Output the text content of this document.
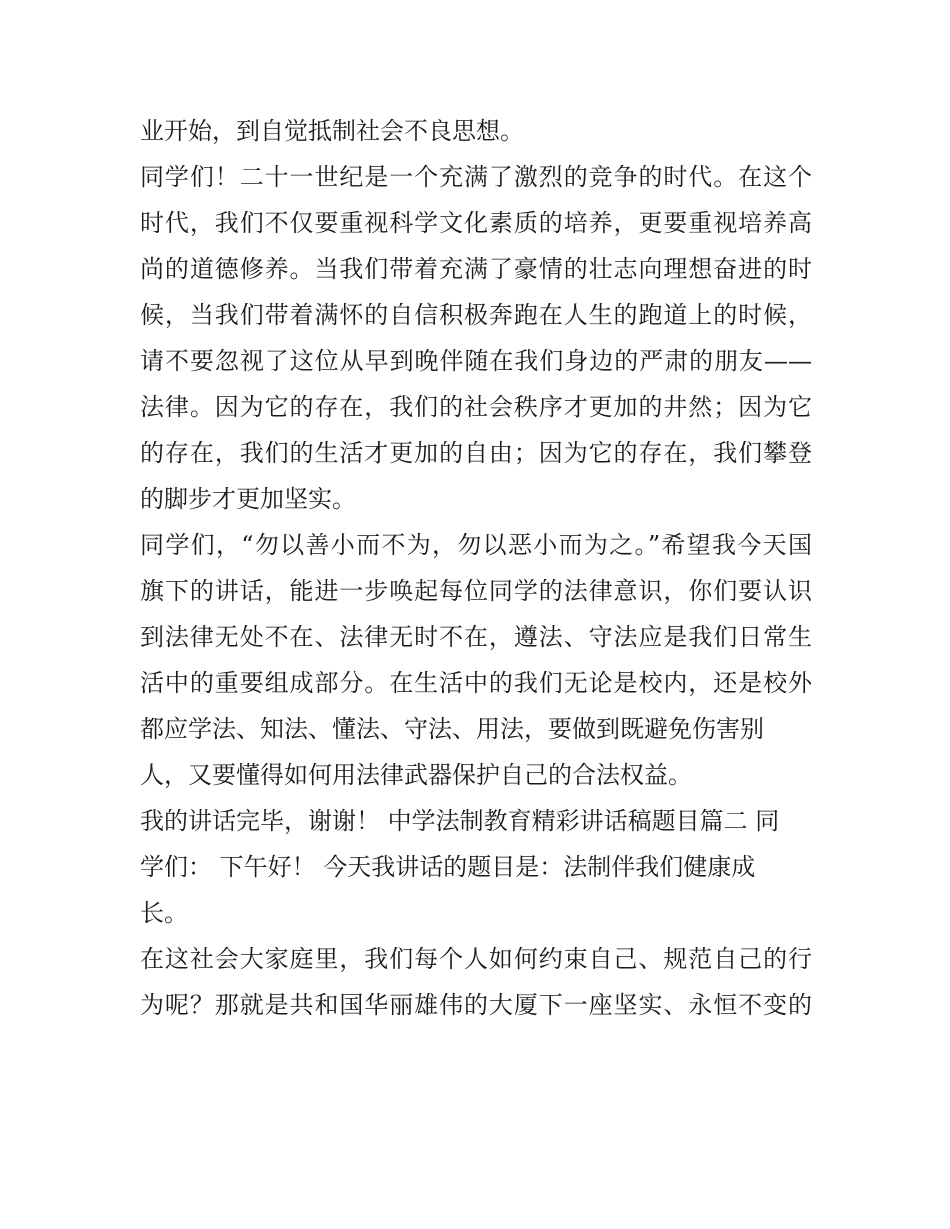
业开始，到自觉抵制社会不良思想。
同学们！二十一世纪是一个充满了激烈的竞争的时代。在这个
时代，我们不仅要重视科学文化素质的培养，更要重视培养高
尚的道德修养。当我们带着充满了豪情的壮志向理想奋进的时
候，当我们带着满怀的自信积极奔跑在人生的跑道上的时候，
请不要忽视了这位从早到晚伴随在我们身边的严肃的朋友——
法律。因为它的存在，我们的社会秩序才更加的井然；因为它
的存在，我们的生活才更加的自由；因为它的存在，我们攀登
的脚步才更加坚实。
同学们，“勿以善小而不为，勿以恶小而为之。”希望我今天国
旗下的讲话，能进一步唤起每位同学的法律意识，你们要认识
到法律无处不在、法律无时不在，遵法、守法应是我们日常生
活中的重要组成部分。在生活中的我们无论是校内，还是校外
都应学法、知法、懂法、守法、用法，要做到既避免伤害别
人，又要懂得如何用法律武器保护自己的合法权益。
我的讲话完毕，谢谢！ 中学法制教育精彩讲话稿题目篇二 同
学们： 下午好！ 今天我讲话的题目是：法制伴我们健康成
长。
在这社会大家庭里，我们每个人如何约束自己、规范自己的行
为呢？那就是共和国华丽雄伟的大厦下一座坚实、永恒不变的
